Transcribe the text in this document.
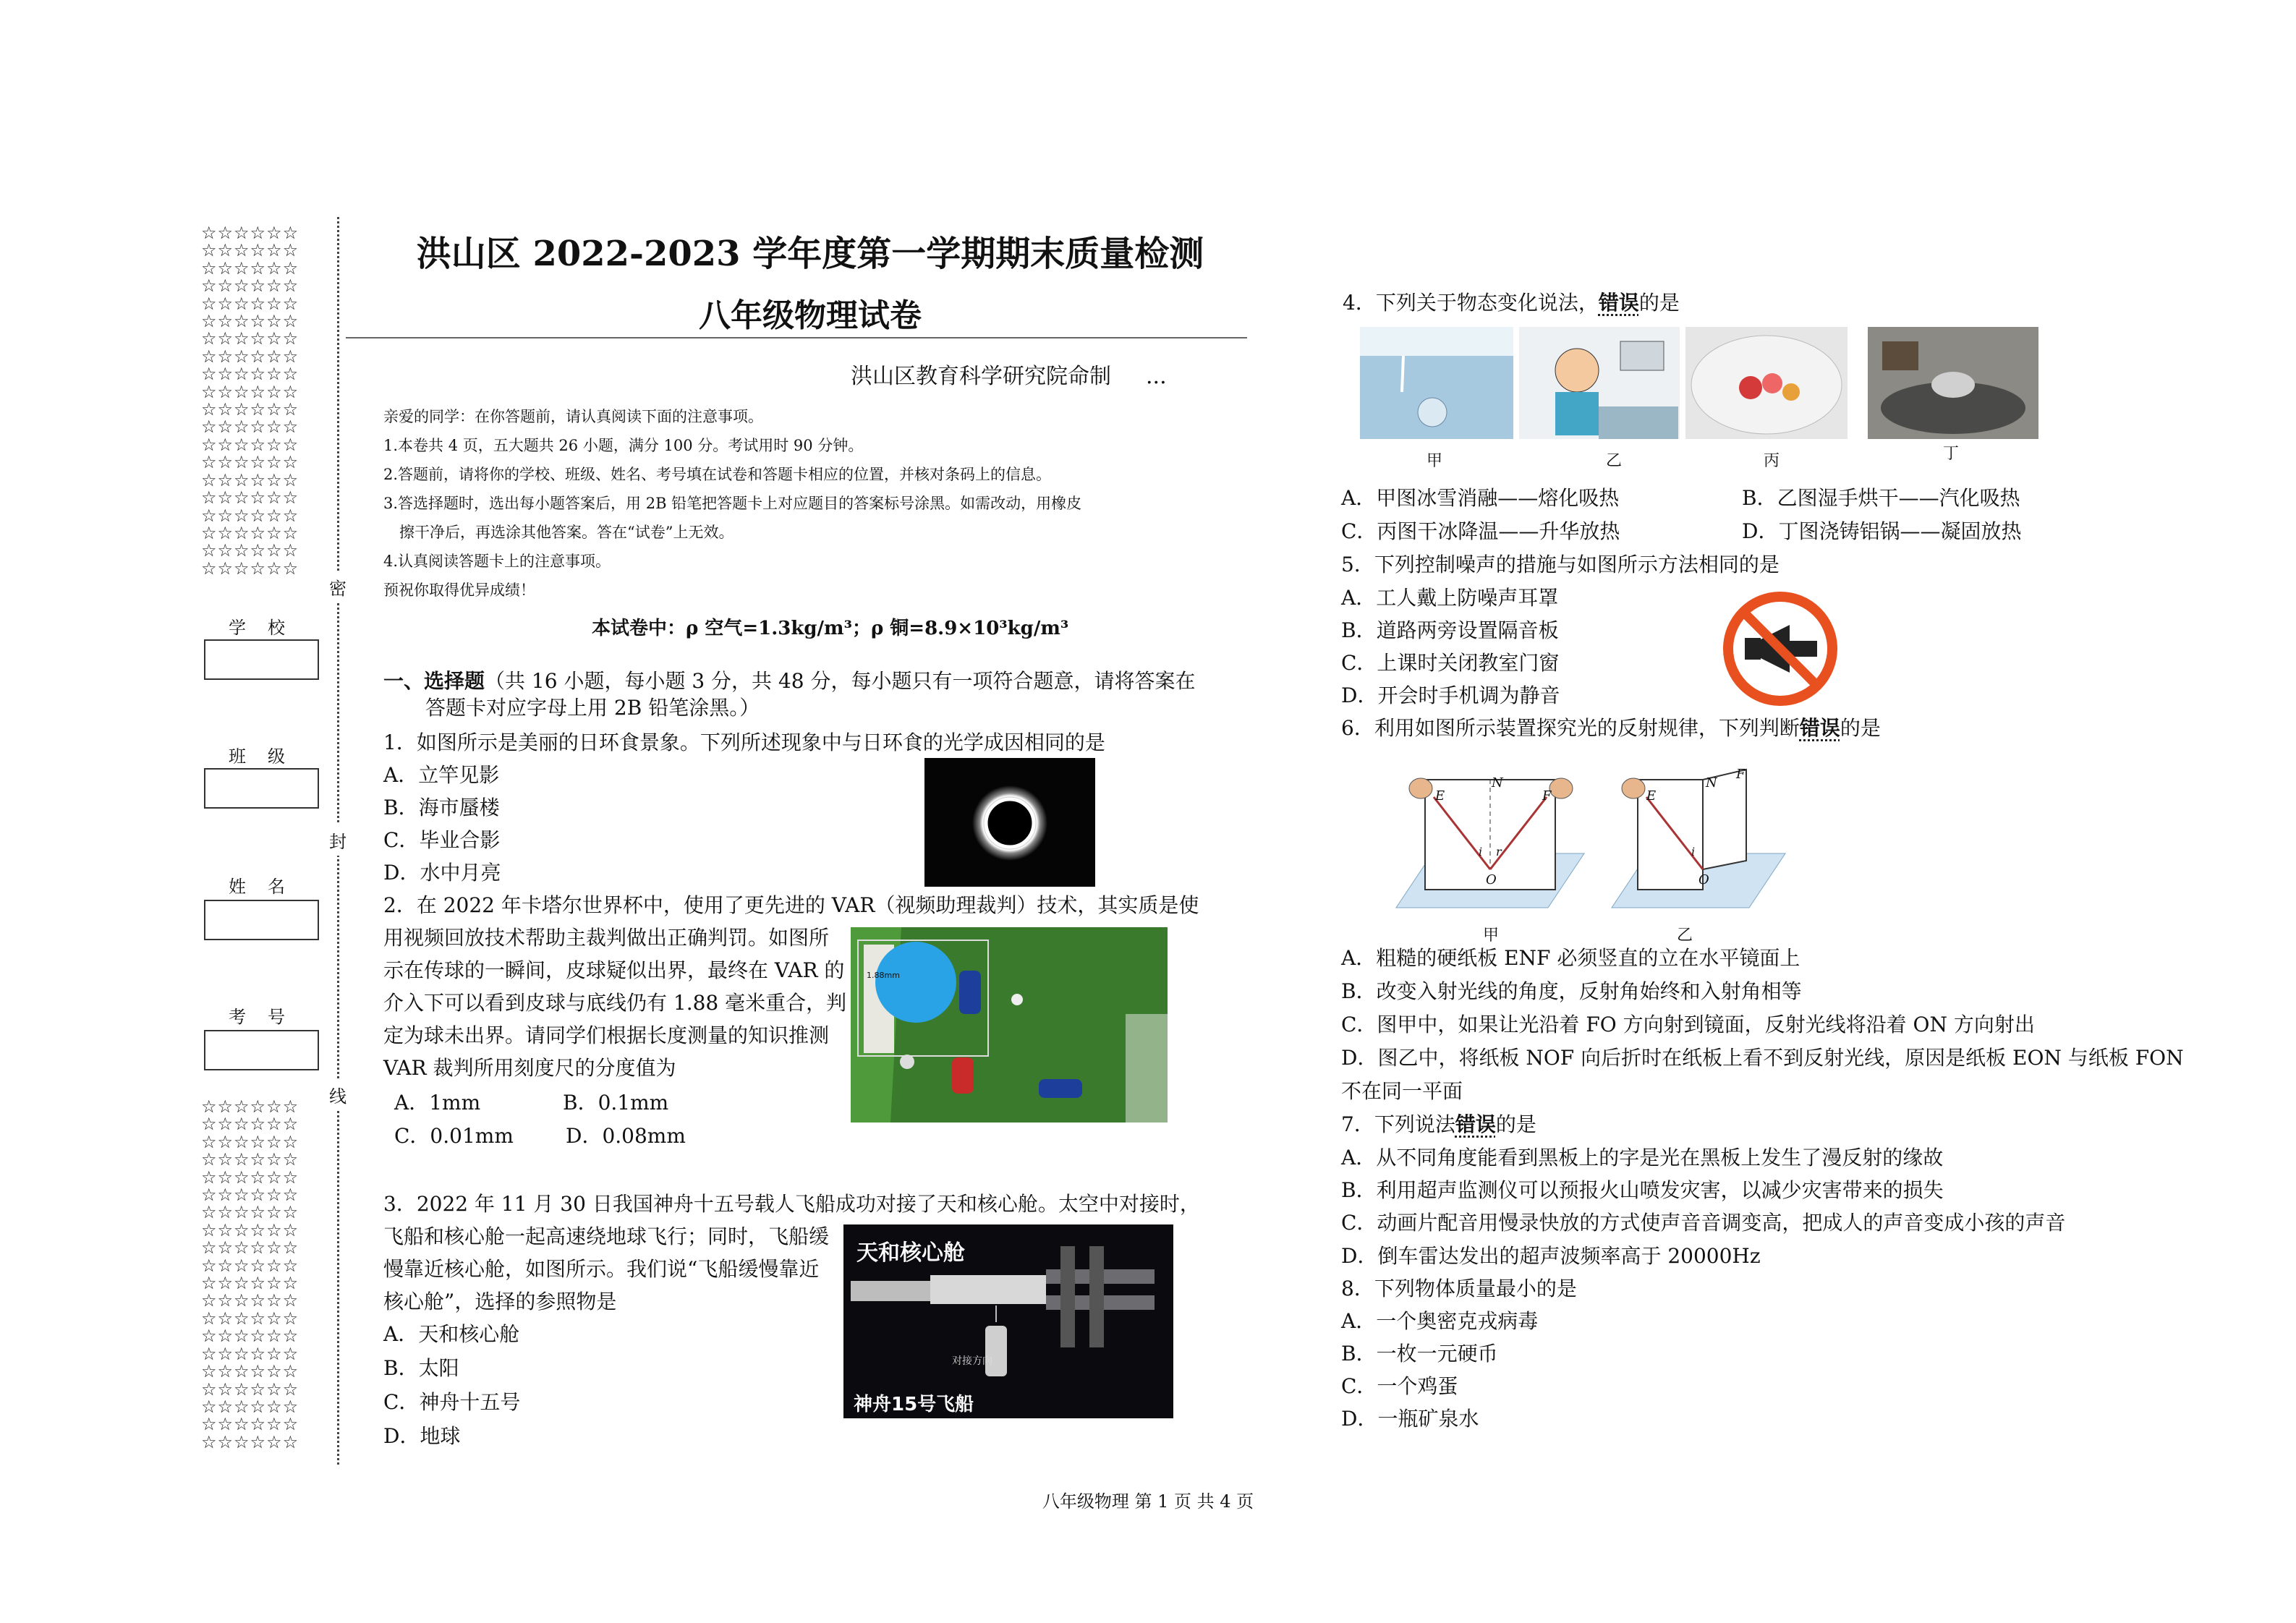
☆☆☆☆☆☆
☆☆☆☆☆☆
☆☆☆☆☆☆
☆☆☆☆☆☆
☆☆☆☆☆☆
☆☆☆☆☆☆
☆☆☆☆☆☆
☆☆☆☆☆☆
☆☆☆☆☆☆
☆☆☆☆☆☆
☆☆☆☆☆☆
☆☆☆☆☆☆
☆☆☆☆☆☆
☆☆☆☆☆☆
☆☆☆☆☆☆
☆☆☆☆☆☆
☆☆☆☆☆☆
☆☆☆☆☆☆
☆☆☆☆☆☆
☆☆☆☆☆☆
☆☆☆☆☆☆
☆☆☆☆☆☆
☆☆☆☆☆☆
☆☆☆☆☆☆
☆☆☆☆☆☆
☆☆☆☆☆☆
☆☆☆☆☆☆
☆☆☆☆☆☆
☆☆☆☆☆☆
☆☆☆☆☆☆
☆☆☆☆☆☆
☆☆☆☆☆☆
☆☆☆☆☆☆
☆☆☆☆☆☆
☆☆☆☆☆☆
☆☆☆☆☆☆
☆☆☆☆☆☆
☆☆☆☆☆☆
☆☆☆☆☆☆
☆☆☆☆☆☆
密
封
线
学校
班级
姓名
考号
洪山区 2022-2023 学年度第一学期期末质量检测
八年级物理试卷
洪山区教育科学研究院命制 ...
亲爱的同学：在你答题前，请认真阅读下面的注意事项。
1.本卷共 4 页，五大题共 26 小题，满分 100 分。考试用时 90 分钟。
2.答题前，请将你的学校、班级、姓名、考号填在试卷和答题卡相应的位置，并核对条码上的信息。
3.答选择题时，选出每小题答案后，用 2B 铅笔把答题卡上对应题目的答案标号涂黑。如需改动，用橡皮
擦干净后，再选涂其他答案。答在“试卷”上无效。
4.认真阅读答题卡上的注意事项。
预祝你取得优异成绩！
本试卷中：ρ 空气=1.3kg/m³；ρ 铜=8.9×10³kg/m³
一、选择题（共 16 小题，每小题 3 分，共 48 分，每小题只有一项符合题意，请将答案在
答题卡对应字母上用 2B 铅笔涂黑。）
1．如图所示是美丽的日环食景象。下列所述现象中与日环食的光学成因相同的是
A．立竿见影
B．海市蜃楼
C．毕业合影
D．水中月亮
2．在 2022 年卡塔尔世界杯中，使用了更先进的 VAR（视频助理裁判）技术，其实质是使
用视频回放技术帮助主裁判做出正确判罚。如图所
示在传球的一瞬间，皮球疑似出界，最终在 VAR 的
介入下可以看到皮球与底线仍有 1.88 毫米重合，判
定为球未出界。请同学们根据长度测量的知识推测
VAR 裁判所用刻度尺的分度值为
A．1mm	B．0.1mm
C．0.01mm	D．0.08mm
1.88mm
3．2022 年 11 月 30 日我国神舟十五号载人飞船成功对接了天和核心舱。太空中对接时，
飞船和核心舱一起高速绕地球飞行；同时，飞船缓
慢靠近核心舱，如图所示。我们说“飞船缓慢靠近
核心舱”，选择的参照物是
A．天和核心舱
B．太阳
C．神舟十五号
D．地球
天和核心舱
对接方向
神舟15号飞船
4．下列关于物态变化说法，错误的是
甲	乙	丙	丁
A．甲图冰雪消融——熔化吸热	B．乙图湿手烘干——汽化吸热
C．丙图干冰降温——升华放热	D．丁图浇铸铝锅——凝固放热
5．下列控制噪声的措施与如图所示方法相同的是
A．工人戴上防噪声耳罩
B．道路两旁设置隔音板
C．上课时关闭教室门窗
D．开会时手机调为静音
6．利用如图所示装置探究光的反射规律，下列判断错误的是
E
N
F
O
i r
E
N
F
O
i
甲	乙
A．粗糙的硬纸板 ENF 必须竖直的立在水平镜面上
B．改变入射光线的角度，反射角始终和入射角相等
C．图甲中，如果让光沿着 FO 方向射到镜面，反射光线将沿着 ON 方向射出
D．图乙中，将纸板 NOF 向后折时在纸板上看不到反射光线，原因是纸板 EON 与纸板 FON
不在同一平面
7．下列说法错误的是
A．从不同角度能看到黑板上的字是光在黑板上发生了漫反射的缘故
B．利用超声监测仪可以预报火山喷发灾害，以减少灾害带来的损失
C．动画片配音用慢录快放的方式使声音音调变高，把成人的声音变成小孩的声音
D．倒车雷达发出的超声波频率高于 20000Hz
8．下列物体质量最小的是
A．一个奥密克戎病毒
B．一枚一元硬币
C．一个鸡蛋
D．一瓶矿泉水
八年级物理 第 1 页 共 4 页
